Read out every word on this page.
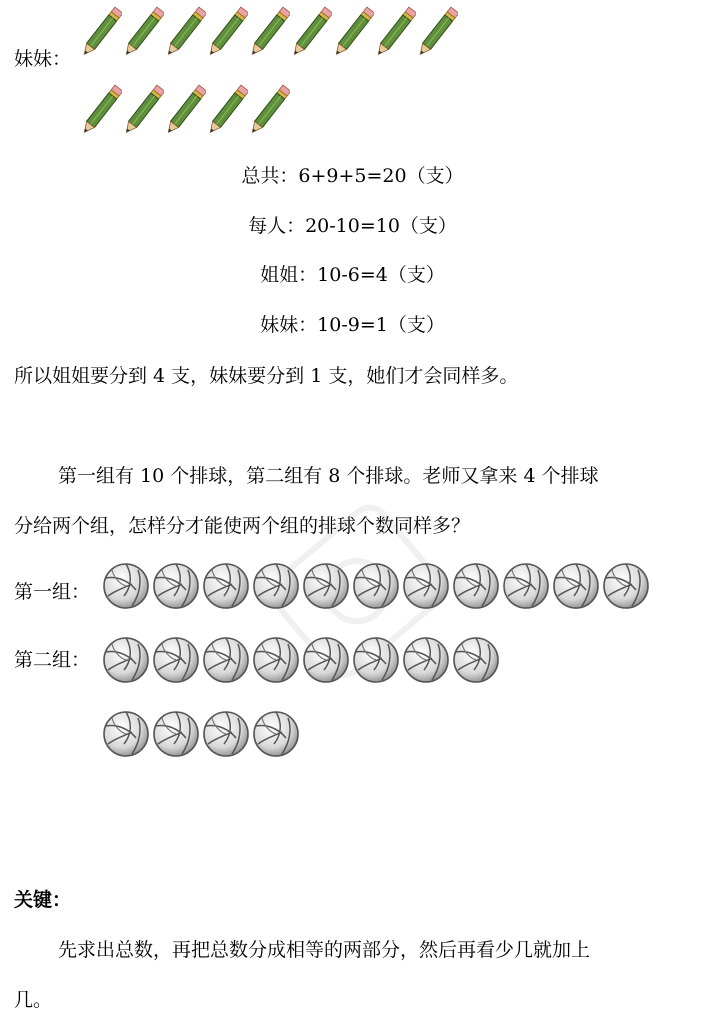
妹妹：
总共：6+9+5=20（支）
每人：20-10=10（支）
姐姐：10-6=4（支）
妹妹：10-9=1（支）
所以姐姐要分到 4 支，妹妹要分到 1 支，她们才会同样多。
第一组有 10 个排球，第二组有 8 个排球。老师又拿来 4 个排球
分给两个组，怎样分才能使两个组的排球个数同样多？
第一组：
第二组：
关键：
先求出总数，再把总数分成相等的两部分，然后再看少几就加上
几。
